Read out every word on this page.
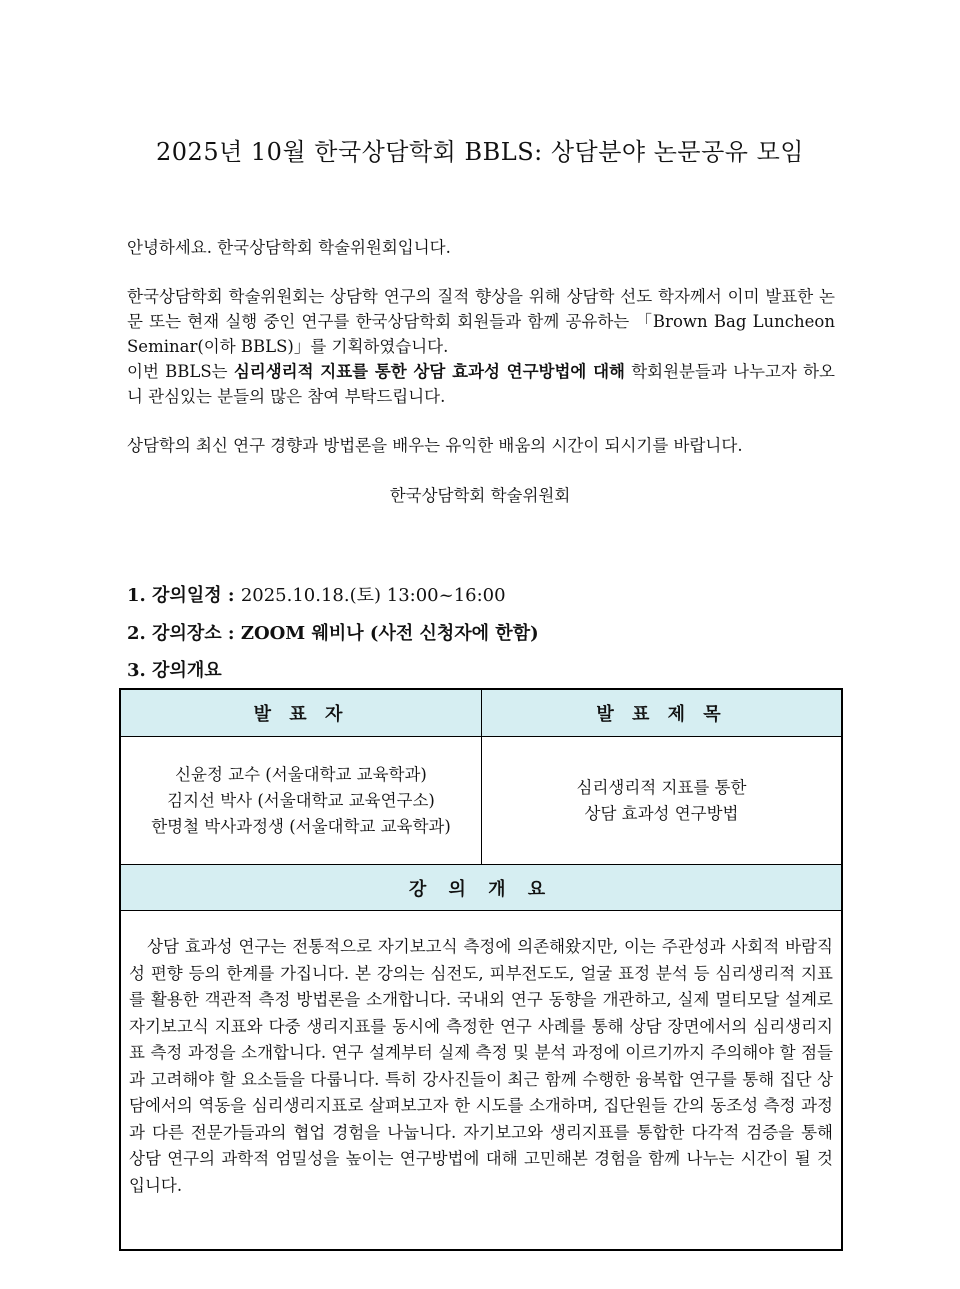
2025년 10월 한국상담학회 BBLS: 상담분야 논문공유 모임

안녕하세요. 한국상담학회 학술위원회입니다.

한국상담학회 학술위원회는 상담학 연구의 질적 향상을 위해 상담학 선도 학자께서 이미 발표한 논문 또는 현재 실행 중인 연구를 한국상담학회 회원들과 함께 공유하는 「Brown Bag Luncheon Seminar(이하 BBLS)」를 기획하였습니다.

이번 BBLS는 심리생리적 지표를 통한 상담 효과성 연구방법에 대해 학회원분들과 나누고자 하오니 관심있는 분들의 많은 참여 부탁드립니다.

상담학의 최신 연구 경향과 방법론을 배우는 유익한 배움의 시간이 되시기를 바랍니다.

한국상담학회 학술위원회
1. 강의일정 : 2025.10.18.(토) 13:00~16:00
2. 강의장소 : ZOOM 웨비나 (사전 신청자에 한함)
3. 강의개요
발 표 자	발 표 제 목
신윤정 교수 (서울대학교 교육학과)
김지선 박사 (서울대학교 교육연구소)
한명철 박사과정생 (서울대학교 교육학과)
심리생리적 지표를 통한
상담 효과성 연구방법
강 의 개 요
상담 효과성 연구는 전통적으로 자기보고식 측정에 의존해왔지만, 이는 주관성과 사회적 바람직성 편향 등의 한계를 가집니다. 본 강의는 심전도, 피부전도도, 얼굴 표정 분석 등 심리생리적 지표를 활용한 객관적 측정 방법론을 소개합니다. 국내외 연구 동향을 개관하고, 실제 멀티모달 설계로 자기보고식 지표와 다중 생리지표를 동시에 측정한 연구 사례를 통해 상담 장면에서의 심리생리지표 측정 과정을 소개합니다. 연구 설계부터 실제 측정 및 분석 과정에 이르기까지 주의해야 할 점들과 고려해야 할 요소들을 다룹니다. 특히 강사진들이 최근 함께 수행한 융복합 연구를 통해 집단 상담에서의 역동을 심리생리지표로 살펴보고자 한 시도를 소개하며, 집단원들 간의 동조성 측정 과정과 다른 전문가들과의 협업 경험을 나눕니다. 자기보고와 생리지표를 통합한 다각적 검증을 통해 상담 연구의 과학적 엄밀성을 높이는 연구방법에 대해 고민해본 경험을 함께 나누는 시간이 될 것입니다.
